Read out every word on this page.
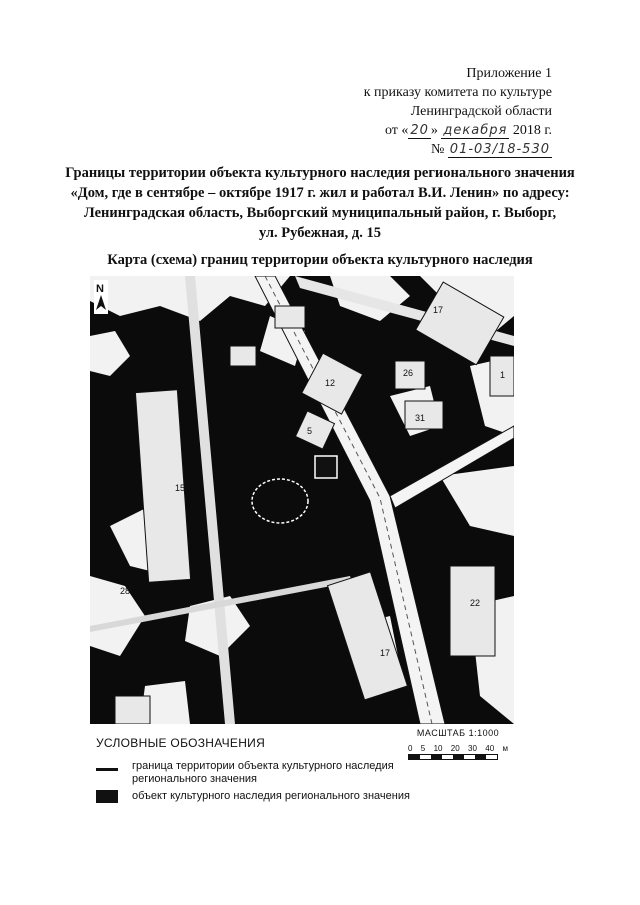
Приложение 1
к приказу комитета по культуре
Ленинградской области
от « 20 » декабря 2018 г.
№ 01-03/18-530
Границы территории объекта культурного наследия регионального значения
«Дом, где в сентябре – октябре 1917 г. жил и работал В.И. Ленин» по адресу:
Ленинградская область, Выборгский муниципальный район, г. Выборг,
ул. Рубежная, д. 15
Карта (схема) границ территории объекта культурного наследия
17
12
26
31
1
5
15
22
28
17
N
УСЛОВНЫЕ ОБОЗНАЧЕНИЯ
граница территории объекта культурного наследия
регионального значения
объект культурного наследия регионального значения
МАСШТАБ 1:1000
0 5 10 20 30 40 м
